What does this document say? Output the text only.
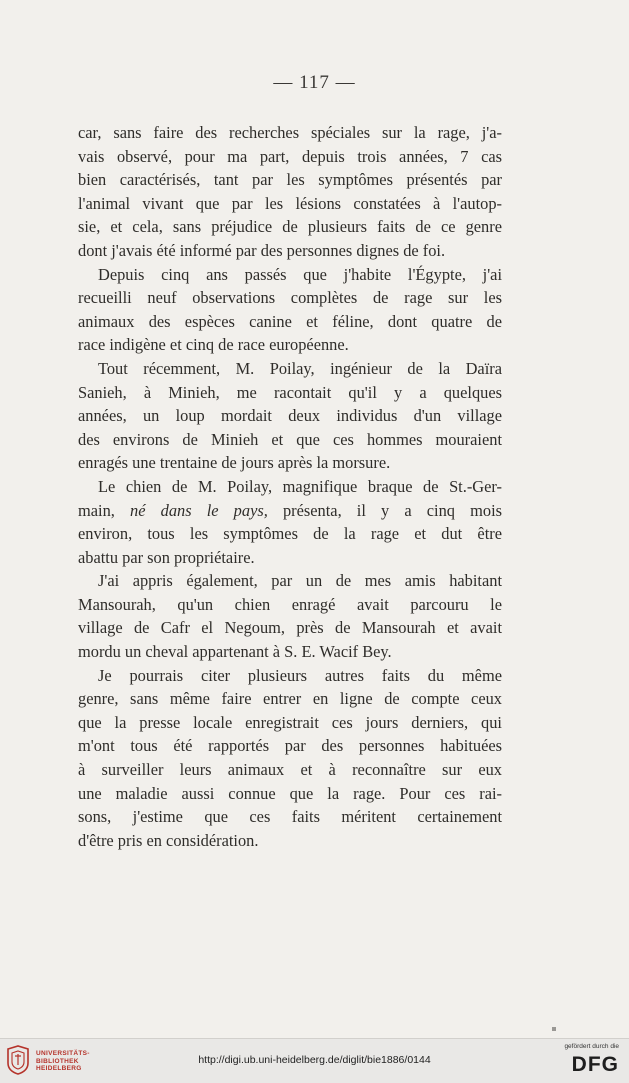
— 117 —
car, sans faire des recherches spéciales sur la rage, j'a-
vais observé, pour ma part, depuis trois années, 7 cas
bien caractérisés, tant par les symptômes présentés par
l'animal vivant que par les lésions constatées à l'autop-
sie, et cela, sans préjudice de plusieurs faits de ce genre
dont j'avais été informé par des personnes dignes de foi.
Depuis cinq ans passés que j'habite l'Égypte, j'ai
recueilli neuf observations complètes de rage sur les
animaux des espèces canine et féline, dont quatre de
race indigène et cinq de race européenne.
Tout récemment, M. Poilay, ingénieur de la Daïra
Sanieh, à Minieh, me racontait qu'il y a quelques
années, un loup mordait deux individus d'un village
des environs de Minieh et que ces hommes mouraient
enragés une trentaine de jours après la morsure.
Le chien de M. Poilay, magnifique braque de St.-Ger-
main, né dans le pays, présenta, il y a cinq mois
environ, tous les symptômes de la rage et dut être
abattu par son propriétaire.
J'ai appris également, par un de mes amis habitant
Mansourah, qu'un chien enragé avait parcouru le
village de Cafr el Negoum, près de Mansourah et avait
mordu un cheval appartenant à S. E. Wacif Bey.
Je pourrais citer plusieurs autres faits du même
genre, sans même faire entrer en ligne de compte ceux
que la presse locale enregistrait ces jours derniers, qui
m'ont tous été rapportés par des personnes habituées
à surveiller leurs animaux et à reconnaître sur eux
une maladie aussi connue que la rage. Pour ces rai-
sons, j'estime que ces faits méritent certainement
d'être pris en considération.
UNIVERSITÄTS-
BIBLIOTHEK
HEIDELBERG
http://digi.ub.uni-heidelberg.de/diglit/bie1886/0144
gefördert durch die
DFG
